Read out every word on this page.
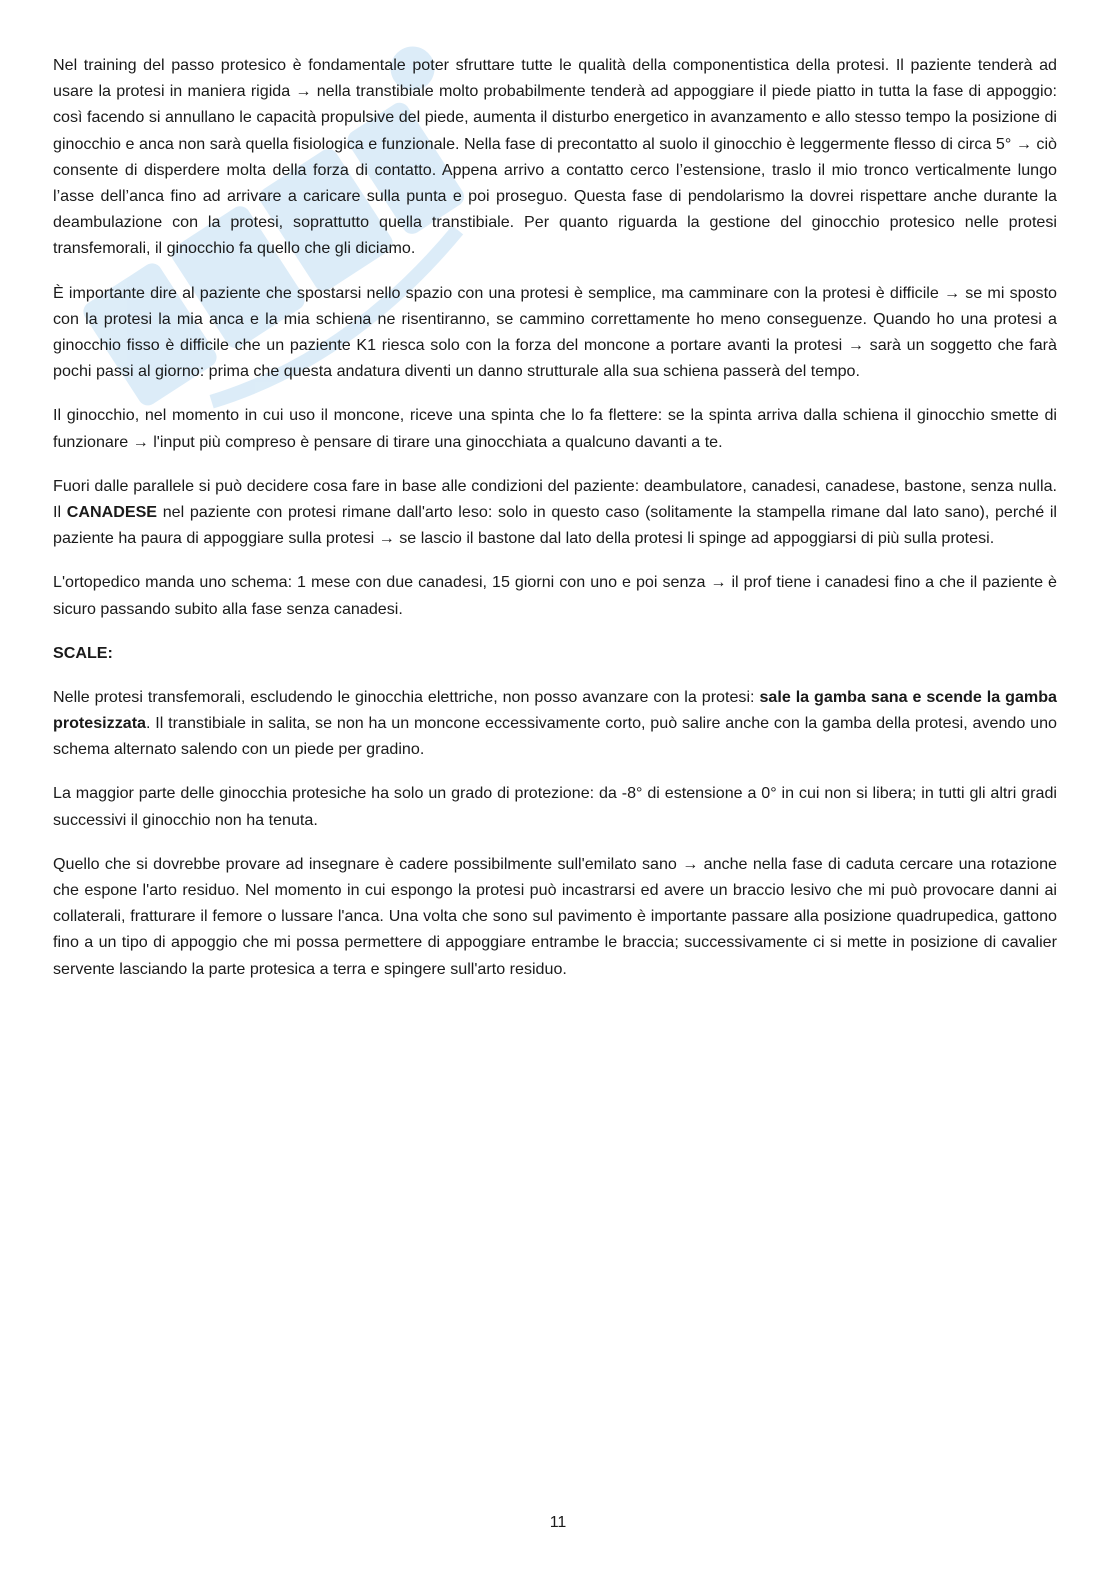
Nel training del passo protesico è fondamentale poter sfruttare tutte le qualità della componentistica della protesi. Il paziente tenderà ad usare la protesi in maniera rigida → nella transtibiale molto probabilmente tenderà ad appoggiare il piede piatto in tutta la fase di appoggio: così facendo si annullano le capacità propulsive del piede, aumenta il disturbo energetico in avanzamento e allo stesso tempo la posizione di ginocchio e anca non sarà quella fisiologica e funzionale. Nella fase di precontatto al suolo il ginocchio è leggermente flesso di circa 5° → ciò consente di disperdere molta della forza di contatto. Appena arrivo a contatto cerco l’estensione, traslo il mio tronco verticalmente lungo l’asse dell’anca fino ad arrivare a caricare sulla punta e poi proseguo. Questa fase di pendolarismo la dovrei rispettare anche durante la deambulazione con la protesi, soprattutto quella transtibiale. Per quanto riguarda la gestione del ginocchio protesico nelle protesi transfemorali, il ginocchio fa quello che gli diciamo.

È importante dire al paziente che spostarsi nello spazio con una protesi è semplice, ma camminare con la protesi è difficile → se mi sposto con la protesi la mia anca e la mia schiena ne risentiranno, se cammino correttamente ho meno conseguenze. Quando ho una protesi a ginocchio fisso è difficile che un paziente K1 riesca solo con la forza del moncone a portare avanti la protesi → sarà un soggetto che farà pochi passi al giorno: prima che questa andatura diventi un danno strutturale alla sua schiena passerà del tempo.

Il ginocchio, nel momento in cui uso il moncone, riceve una spinta che lo fa flettere: se la spinta arriva dalla schiena il ginocchio smette di funzionare → l'input più compreso è pensare di tirare una ginocchiata a qualcuno davanti a te.

Fuori dalle parallele si può decidere cosa fare in base alle condizioni del paziente: deambulatore, canadesi, canadese, bastone, senza nulla. Il CANADESE nel paziente con protesi rimane dall'arto leso: solo in questo caso (solitamente la stampella rimane dal lato sano), perché il paziente ha paura di appoggiare sulla protesi → se lascio il bastone dal lato della protesi li spinge ad appoggiarsi di più sulla protesi.

L'ortopedico manda uno schema: 1 mese con due canadesi, 15 giorni con uno e poi senza → il prof tiene i canadesi fino a che il paziente è sicuro passando subito alla fase senza canadesi.

SCALE:

Nelle protesi transfemorali, escludendo le ginocchia elettriche, non posso avanzare con la protesi: sale la gamba sana e scende la gamba protesizzata. Il transtibiale in salita, se non ha un moncone eccessivamente corto, può salire anche con la gamba della protesi, avendo uno schema alternato salendo con un piede per gradino.

La maggior parte delle ginocchia protesiche ha solo un grado di protezione: da -8° di estensione a 0° in cui non si libera; in tutti gli altri gradi successivi il ginocchio non ha tenuta.

Quello che si dovrebbe provare ad insegnare è cadere possibilmente sull'emilato sano → anche nella fase di caduta cercare una rotazione che espone l'arto residuo. Nel momento in cui espongo la protesi può incastrarsi ed avere un braccio lesivo che mi può provocare danni ai collaterali, fratturare il femore o lussare l'anca. Una volta che sono sul pavimento è importante passare alla posizione quadrupedica, gattono fino a un tipo di appoggio che mi possa permettere di appoggiare entrambe le braccia; successivamente ci si mette in posizione di cavalier servente lasciando la parte protesica a terra e spingere sull'arto residuo.

11
